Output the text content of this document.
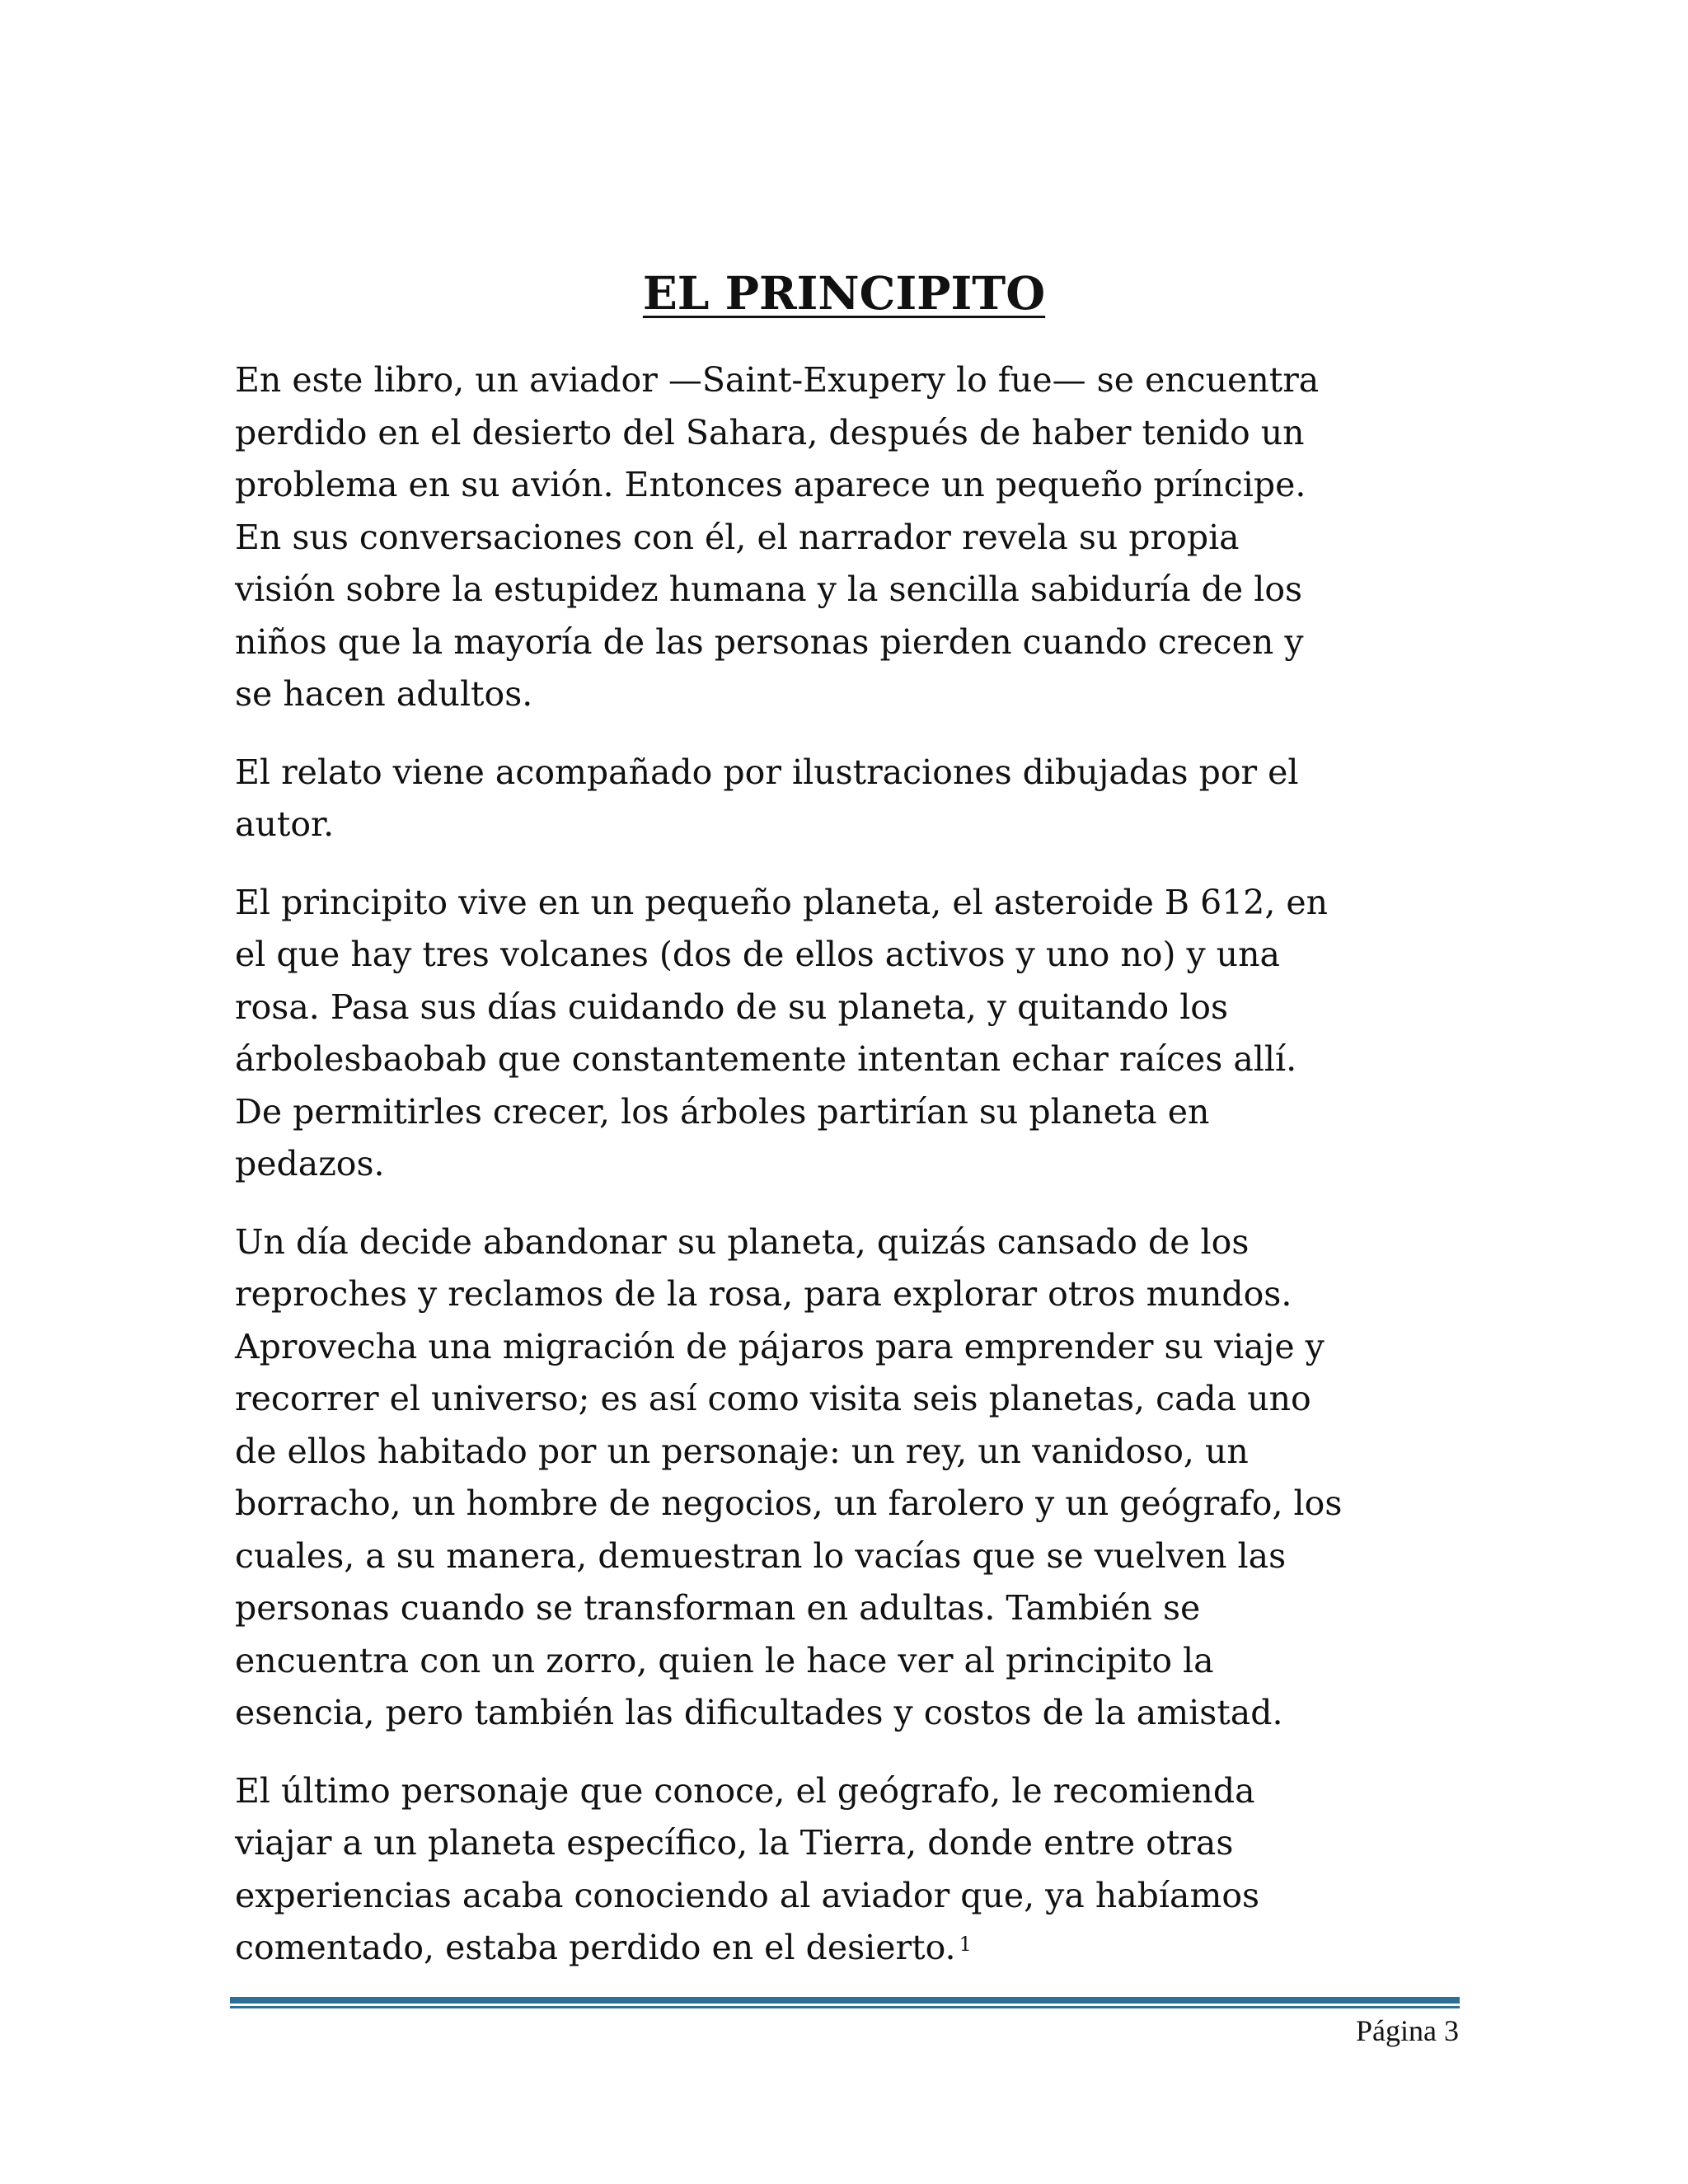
EL PRINCIPITO

En este libro, un aviador —Saint-Exupery lo fue— se encuentra
perdido en el desierto del Sahara, después de haber tenido un
problema en su avión. Entonces aparece un pequeño príncipe.
En sus conversaciones con él, el narrador revela su propia
visión sobre la estupidez humana y la sencilla sabiduría de los
niños que la mayoría de las personas pierden cuando crecen y
se hacen adultos.

El relato viene acompañado por ilustraciones dibujadas por el
autor.

El principito vive en un pequeño planeta, el asteroide B 612, en
el que hay tres volcanes (dos de ellos activos y uno no) y una
rosa. Pasa sus días cuidando de su planeta, y quitando los
árbolesbaobab que constantemente intentan echar raíces allí.
De permitirles crecer, los árboles partirían su planeta en
pedazos.

Un día decide abandonar su planeta, quizás cansado de los
reproches y reclamos de la rosa, para explorar otros mundos.
Aprovecha una migración de pájaros para emprender su viaje y
recorrer el universo; es así como visita seis planetas, cada uno
de ellos habitado por un personaje: un rey, un vanidoso, un
borracho, un hombre de negocios, un farolero y un geógrafo, los
cuales, a su manera, demuestran lo vacías que se vuelven las
personas cuando se transforman en adultas. También se
encuentra con un zorro, quien le hace ver al principito la
esencia, pero también las dificultades y costos de la amistad.

El último personaje que conoce, el geógrafo, le recomienda
viajar a un planeta específico, la Tierra, donde entre otras
experiencias acaba conociendo al aviador que, ya habíamos
comentado, estaba perdido en el desierto. $^1$

Página 3
